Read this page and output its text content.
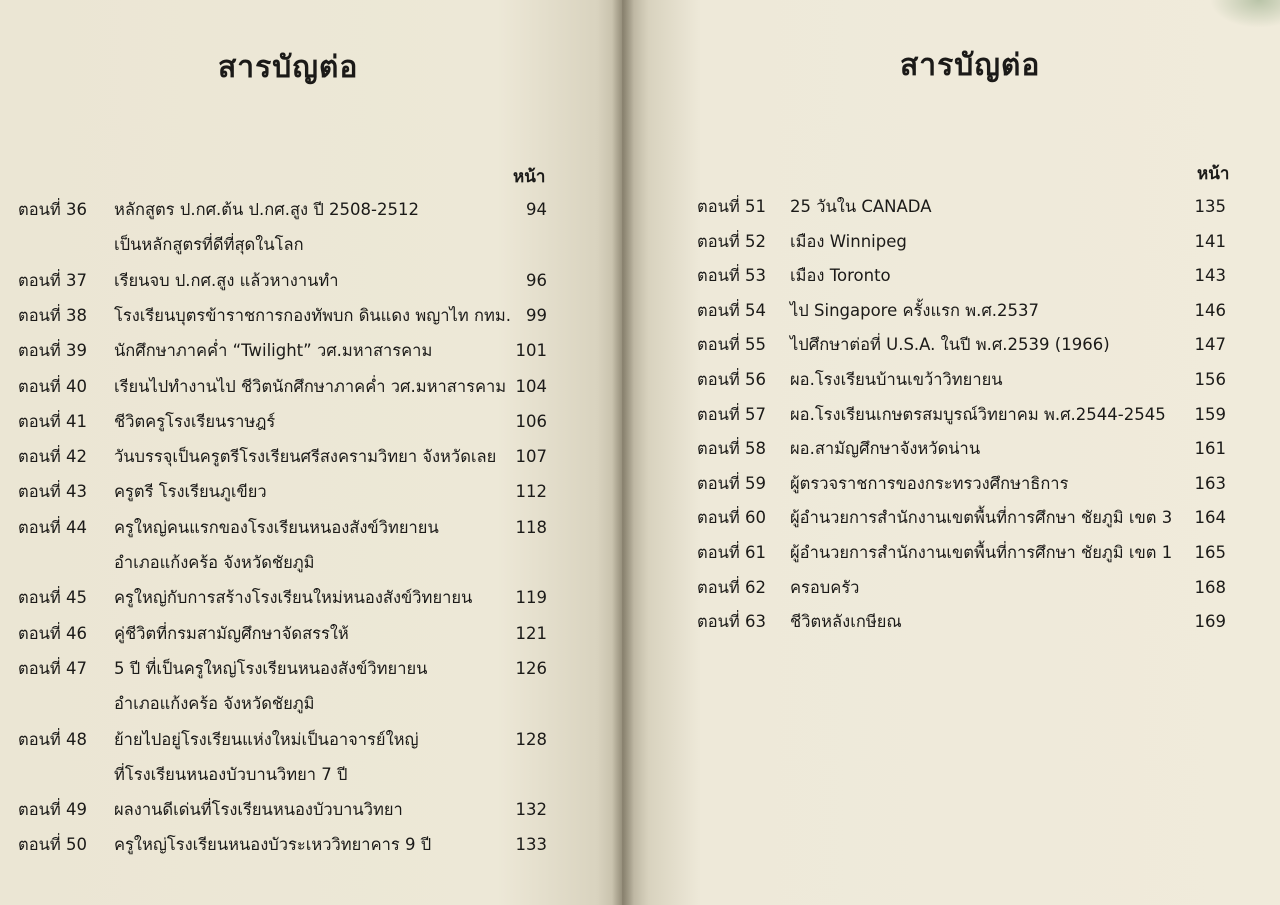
สารบัญต่อ
หน้า
ตอนที่ 36 หลักสูตร ป.กศ.ต้น ป.กศ.สูง ปี 2508-2512
เป็นหลักสูตรที่ดีที่สุดในโลก
94
ตอนที่ 37 เรียนจบ ป.กศ.สูง แล้วหางานทำ	96
ตอนที่ 38 โรงเรียนบุตรข้าราชการกองทัพบก ดินแดง พญาไท กทม. 99
ตอนที่ 39 นักศึกษาภาคค่ำ “Twilight” วศ.มหาสารคาม	101
ตอนที่ 40 เรียนไปทำงานไป ชีวิตนักศึกษาภาคค่ำ วศ.มหาสารคาม 104
ตอนที่ 41 ชีวิตครูโรงเรียนราษฎร์	106
ตอนที่ 42 วันบรรจุเป็นครูตรีโรงเรียนศรีสงครามวิทยา จังหวัดเลย 107
ตอนที่ 43 ครูตรี โรงเรียนภูเขียว	112
ตอนที่ 44 ครูใหญ่คนแรกของโรงเรียนหนองสังข์วิทยายน
อำเภอแก้งคร้อ จังหวัดชัยภูมิ
118
ตอนที่ 45 ครูใหญ่กับการสร้างโรงเรียนใหม่หนองสังข์วิทยายน	119
ตอนที่ 46 คู่ชีวิตที่กรมสามัญศึกษาจัดสรรให้	121
ตอนที่ 47 5 ปี ที่เป็นครูใหญ่โรงเรียนหนองสังข์วิทยายน
อำเภอแก้งคร้อ จังหวัดชัยภูมิ
126
ตอนที่ 48 ย้ายไปอยู่โรงเรียนแห่งใหม่เป็นอาจารย์ใหญ่
ที่โรงเรียนหนองบัวบานวิทยา 7 ปี
128
ตอนที่ 49 ผลงานดีเด่นที่โรงเรียนหนองบัวบานวิทยา	132
ตอนที่ 50 ครูใหญ่โรงเรียนหนองบัวระเหววิทยาคาร 9 ปี	133
สารบัญต่อ
หน้า
ตอนที่ 51 25 วันใน CANADA	135
ตอนที่ 52 เมือง Winnipeg	141
ตอนที่ 53 เมือง Toronto	143
ตอนที่ 54 ไป Singapore ครั้งแรก พ.ศ.2537	146
ตอนที่ 55 ไปศึกษาต่อที่ U.S.A. ในปี พ.ศ.2539 (1966)	147
ตอนที่ 56 ผอ.โรงเรียนบ้านเขว้าวิทยายน	156
ตอนที่ 57 ผอ.โรงเรียนเกษตรสมบูรณ์วิทยาคม พ.ศ.2544-2545 159
ตอนที่ 58 ผอ.สามัญศึกษาจังหวัดน่าน	161
ตอนที่ 59 ผู้ตรวจราชการของกระทรวงศึกษาธิการ	163
ตอนที่ 60 ผู้อำนวยการสำนักงานเขตพื้นที่การศึกษา ชัยภูมิ เขต 3 164
ตอนที่ 61 ผู้อำนวยการสำนักงานเขตพื้นที่การศึกษา ชัยภูมิ เขต 1 165
ตอนที่ 62 ครอบครัว	168
ตอนที่ 63 ชีวิตหลังเกษียณ	169
